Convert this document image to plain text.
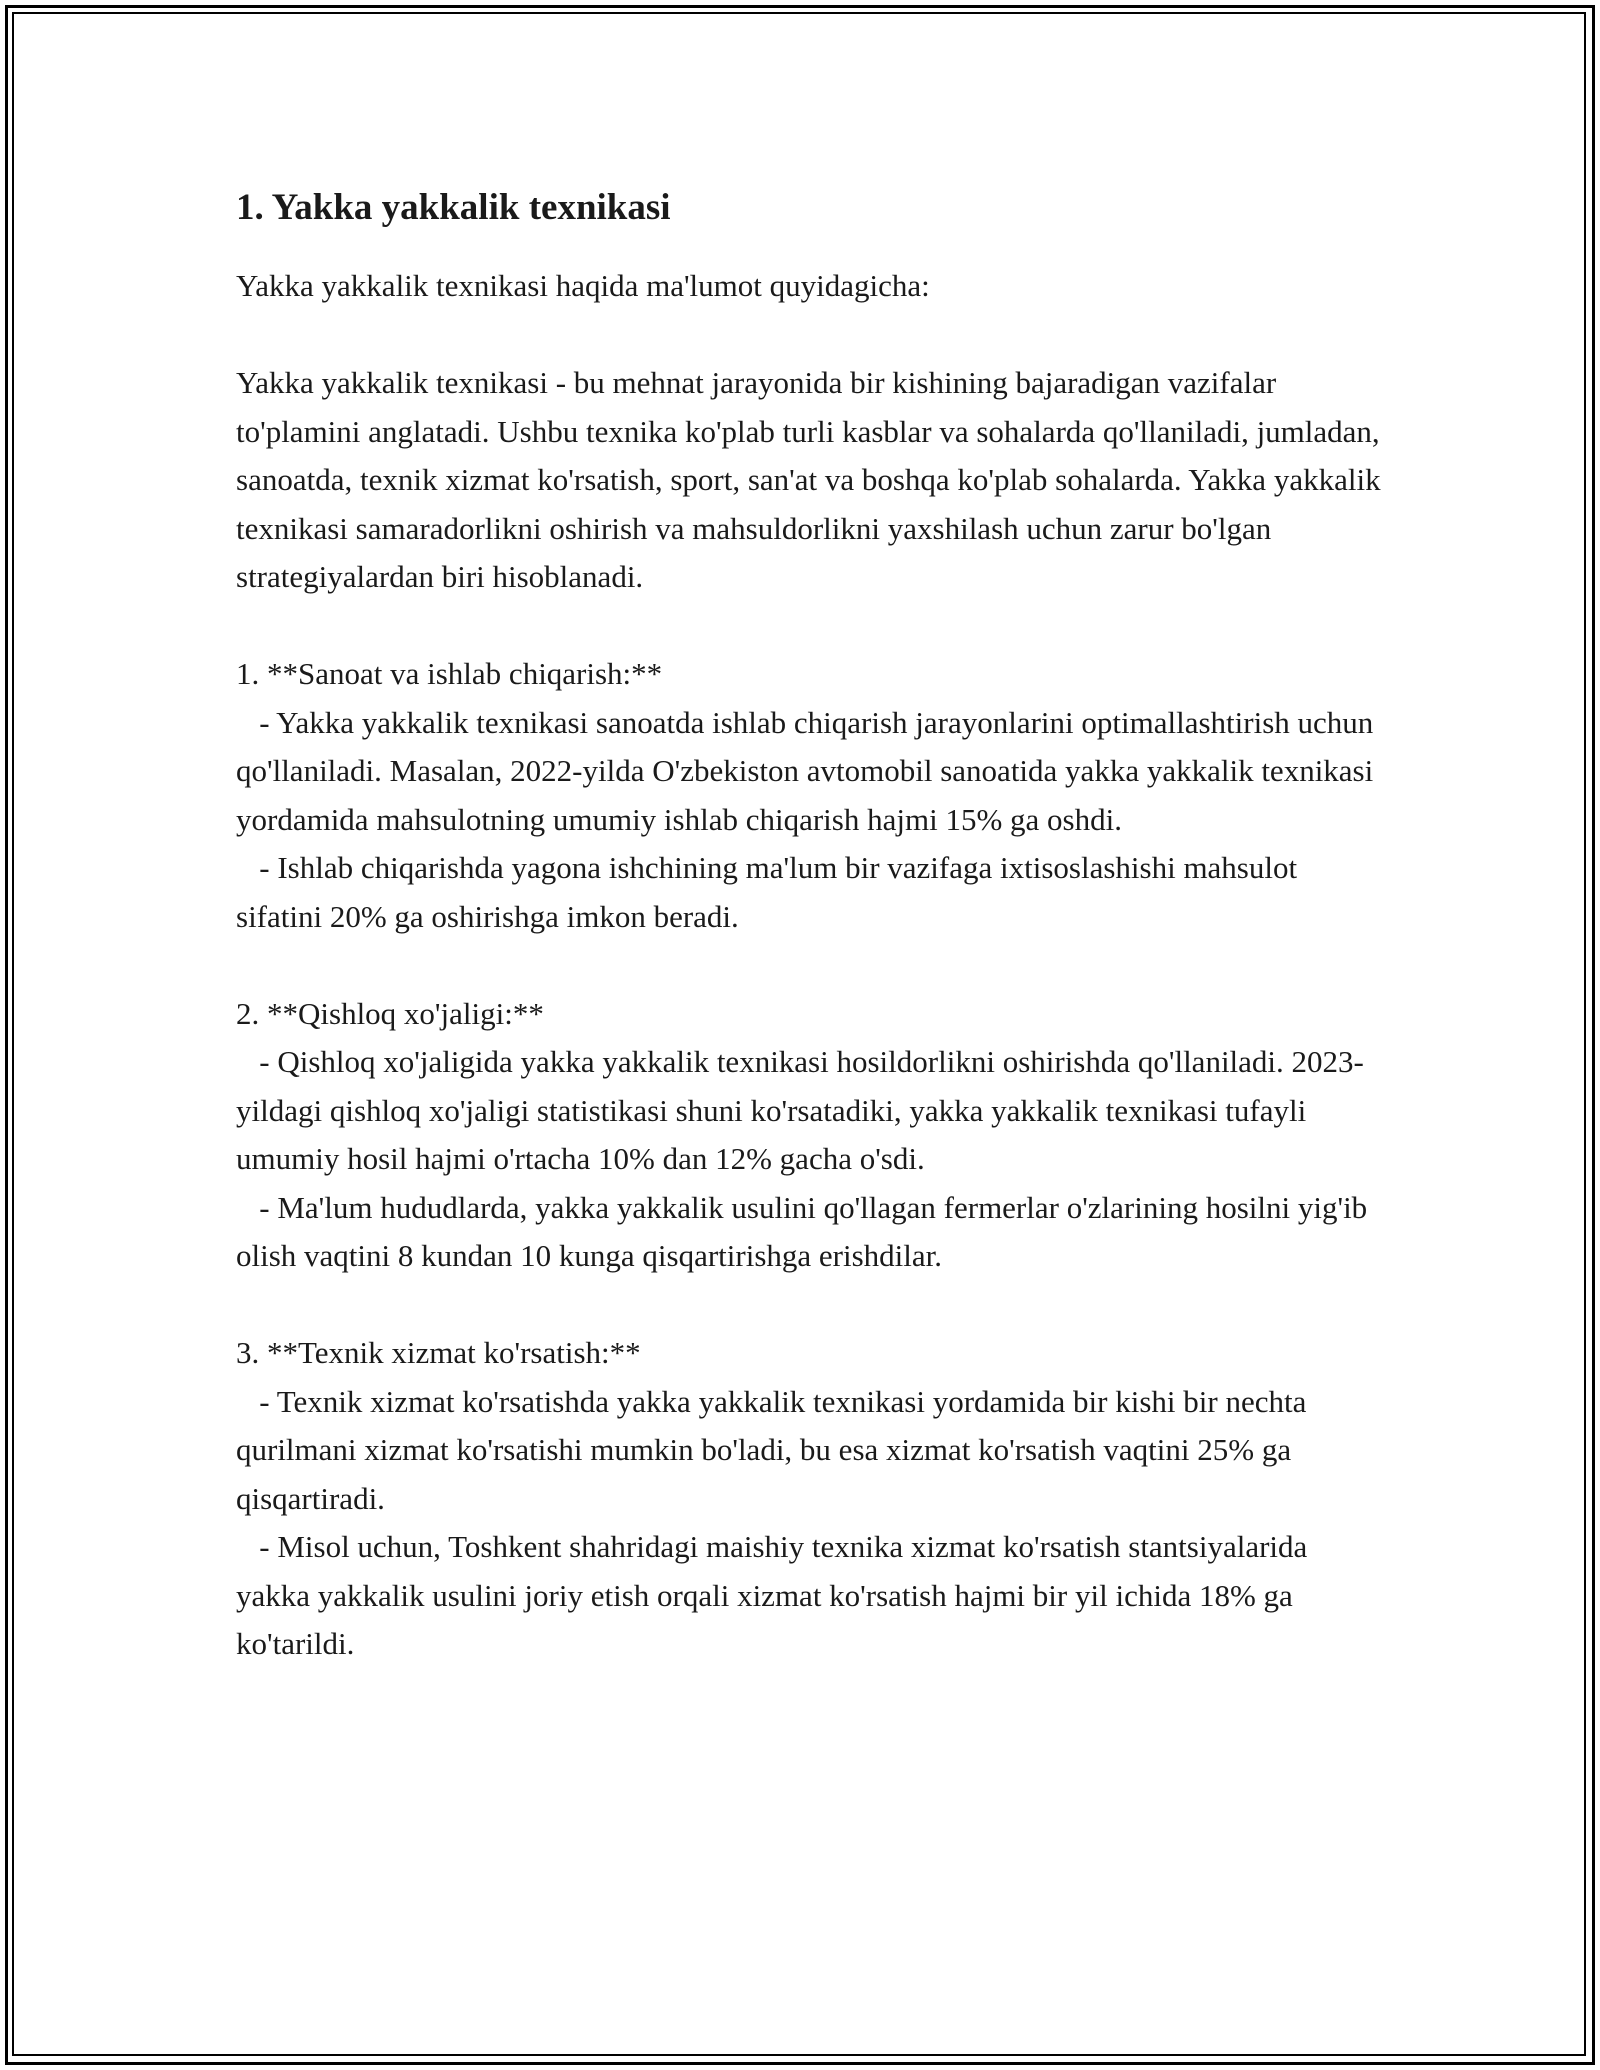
1. Yakka yakkalik texnikasi

Yakka yakkalik texnikasi haqida ma'lumot quyidagicha:

Yakka yakkalik texnikasi - bu mehnat jarayonida bir kishining bajaradigan vazifalar to'plamini anglatadi. Ushbu texnika ko'plab turli kasblar va sohalarda qo'llaniladi, jumladan, sanoatda, texnik xizmat ko'rsatish, sport, san'at va boshqa ko'plab sohalarda. Yakka yakkalik texnikasi samaradorlikni oshirish va mahsuldorlikni yaxshilash uchun zarur bo'lgan strategiyalardan biri hisoblanadi.

1. **Sanoat va ishlab chiqarish:**

- Yakka yakkalik texnikasi sanoatda ishlab chiqarish jarayonlarini optimallashtirish uchun qo'llaniladi. Masalan, 2022-yilda O'zbekiston avtomobil sanoatida yakka yakkalik texnikasi yordamida mahsulotning umumiy ishlab chiqarish hajmi 15% ga oshdi.

- Ishlab chiqarishda yagona ishchining ma'lum bir vazifaga ixtisoslashishi mahsulot sifatini 20% ga oshirishga imkon beradi.

2. **Qishloq xo'jaligi:**

- Qishloq xo'jaligida yakka yakkalik texnikasi hosildorlikni oshirishda qo'llaniladi. 2023-yildagi qishloq xo'jaligi statistikasi shuni ko'rsatadiki, yakka yakkalik texnikasi tufayli umumiy hosil hajmi o'rtacha 10% dan 12% gacha o'sdi.

- Ma'lum hududlarda, yakka yakkalik usulini qo'llagan fermerlar o'zlarining hosilni yig'ib olish vaqtini 8 kundan 10 kunga qisqartirishga erishdilar.

3. **Texnik xizmat ko'rsatish:**

- Texnik xizmat ko'rsatishda yakka yakkalik texnikasi yordamida bir kishi bir nechta qurilmani xizmat ko'rsatishi mumkin bo'ladi, bu esa xizmat ko'rsatish vaqtini 25% ga qisqartiradi.

- Misol uchun, Toshkent shahridagi maishiy texnika xizmat ko'rsatish stantsiyalarida yakka yakkalik usulini joriy etish orqali xizmat ko'rsatish hajmi bir yil ichida 18% ga ko'tarildi.
